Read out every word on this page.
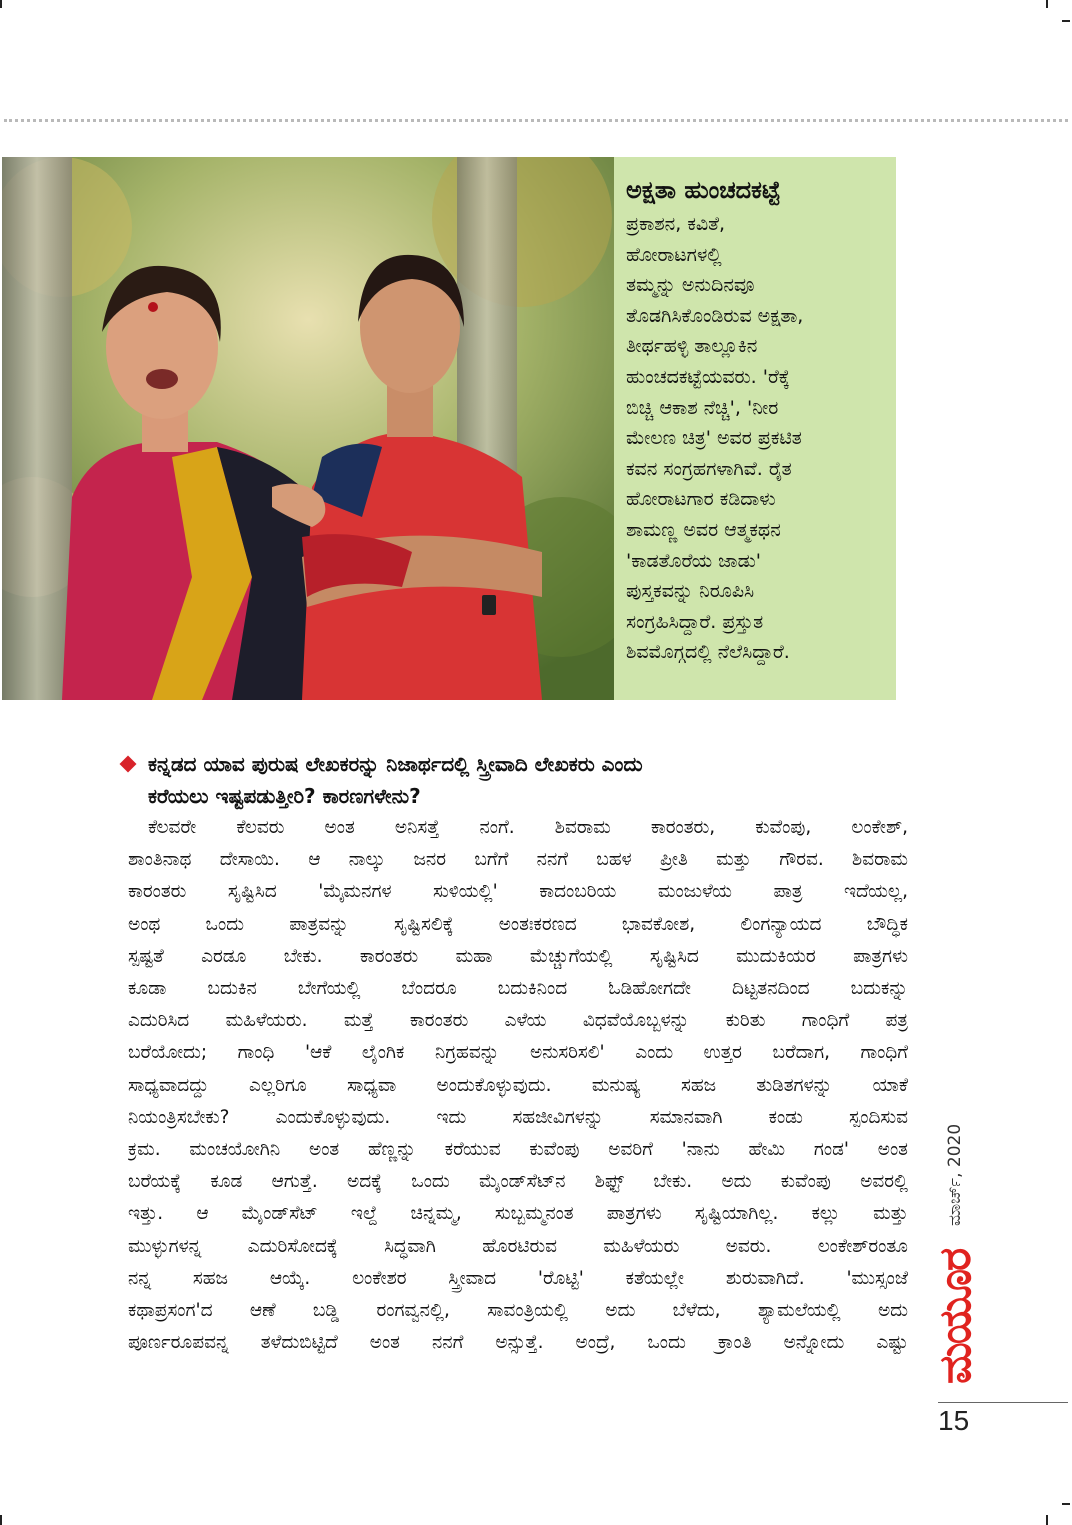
ಅಕ್ಷತಾ ಹುಂಚದಕಟ್ಟೆ
ಪ್ರಕಾಶನ, ಕವಿತೆ,
ಹೋರಾಟಗಳಲ್ಲಿ
ತಮ್ಮನ್ನು ಅನುದಿನವೂ
ತೊಡಗಿಸಿಕೊಂಡಿರುವ ಅಕ್ಷತಾ,
ತೀರ್ಥಹಳ್ಳಿ ತಾಲ್ಲೂಕಿನ
ಹುಂಚದಕಟ್ಟೆಯವರು. 'ರೆಕ್ಕೆ
ಬಿಚ್ಚಿ ಆಕಾಶ ನೆಚ್ಚಿ', 'ನೀರ
ಮೇಲಣ ಚಿತ್ರ' ಅವರ ಪ್ರಕಟಿತ
ಕವನ ಸಂಗ್ರಹಗಳಾಗಿವೆ. ರೈತ
ಹೋರಾಟಗಾರ ಕಡಿದಾಳು
ಶಾಮಣ್ಣ ಅವರ ಆತ್ಮಕಥನ
'ಕಾಡತೊರೆಯ ಜಾಡು'
ಪುಸ್ತಕವನ್ನು ನಿರೂಪಿಸಿ
ಸಂಗ್ರಹಿಸಿದ್ದಾರೆ. ಪ್ರಸ್ತುತ
ಶಿವಮೊಗ್ಗದಲ್ಲಿ ನೆಲೆಸಿದ್ದಾರೆ.
ಕನ್ನಡದ ಯಾವ ಪುರುಷ ಲೇಖಕರನ್ನು ನಿಜಾರ್ಥದಲ್ಲಿ ಸ್ತ್ರೀವಾದಿ ಲೇಖಕರು ಎಂದು
ಕರೆಯಲು ಇಷ್ಟಪಡುತ್ತೀರಿ? ಕಾರಣಗಳೇನು?
ಕೆಲವರೇ ಕೆಲವರು ಅಂತ ಅನಿಸತ್ತೆ ನಂಗೆ. ಶಿವರಾಮ ಕಾರಂತರು, ಕುವೆಂಪು, ಲಂಕೇಶ್,
ಶಾಂತಿನಾಥ ದೇಸಾಯಿ. ಆ ನಾಲ್ಕು ಜನರ ಬಗೆಗೆ ನನಗೆ ಬಹಳ ಪ್ರೀತಿ ಮತ್ತು ಗೌರವ. ಶಿವರಾಮ
ಕಾರಂತರು ಸೃಷ್ಟಿಸಿದ 'ಮೈಮನಗಳ ಸುಳಿಯಲ್ಲಿ' ಕಾದಂಬರಿಯ ಮಂಜುಳೆಯ ಪಾತ್ರ ಇದೆಯಲ್ಲ,
ಅಂಥ ಒಂದು ಪಾತ್ರವನ್ನು ಸೃಷ್ಟಿಸಲಿಕ್ಕೆ ಅಂತಃಕರಣದ ಭಾವಕೋಶ, ಲಿಂಗನ್ಯಾಯದ ಬೌದ್ಧಿಕ
ಸ್ಪಷ್ಟತೆ ಎರಡೂ ಬೇಕು. ಕಾರಂತರು ಮಹಾ ಮೆಚ್ಚುಗೆಯಲ್ಲಿ ಸೃಷ್ಟಿಸಿದ ಮುದುಕಿಯರ ಪಾತ್ರಗಳು
ಕೂಡಾ ಬದುಕಿನ ಬೇಗೆಯಲ್ಲಿ ಬೆಂದರೂ ಬದುಕಿನಿಂದ ಓಡಿಹೋಗದೇ ದಿಟ್ಟತನದಿಂದ ಬದುಕನ್ನು
ಎದುರಿಸಿದ ಮಹಿಳೆಯರು. ಮತ್ತೆ ಕಾರಂತರು ಎಳೆಯ ವಿಧವೆಯೊಬ್ಬಳನ್ನು ಕುರಿತು ಗಾಂಧಿಗೆ ಪತ್ರ
ಬರೆಯೋದು; ಗಾಂಧಿ 'ಆಕೆ ಲೈಂಗಿಕ ನಿಗ್ರಹವನ್ನು ಅನುಸರಿಸಲಿ' ಎಂದು ಉತ್ತರ ಬರೆದಾಗ, ಗಾಂಧಿಗೆ
ಸಾಧ್ಯವಾದದ್ದು ಎಲ್ಲರಿಗೂ ಸಾಧ್ಯವಾ ಅಂದುಕೊಳ್ಳುವುದು. ಮನುಷ್ಯ ಸಹಜ ತುಡಿತಗಳನ್ನು ಯಾಕೆ
ನಿಯಂತ್ರಿಸಬೇಕು? ಎಂದುಕೊಳ್ಳುವುದು. ಇದು ಸಹಜೀವಿಗಳನ್ನು ಸಮಾನವಾಗಿ ಕಂಡು ಸ್ಪಂದಿಸುವ
ಕ್ರಮ. ಮಂಚಯೋಗಿನಿ ಅಂತ ಹೆಣ್ಣನ್ನು ಕರೆಯುವ ಕುವೆಂಪು ಅವರಿಗೆ 'ನಾನು ಹೇಮಿ ಗಂಡ' ಅಂತ
ಬರೆಯಕ್ಕೆ ಕೂಡ ಆಗುತ್ತೆ. ಅದಕ್ಕೆ ಒಂದು ಮೈಂಡ್‌ಸೆಟ್‌ನ ಶಿಫ್ಟ್ ಬೇಕು. ಅದು ಕುವೆಂಪು ಅವರಲ್ಲಿ
ಇತ್ತು. ಆ ಮೈಂಡ್‌ಸೆಟ್ ಇಲ್ದೆ ಚಿನ್ನಮ್ಮ, ಸುಬ್ಬಮ್ಮನಂತ ಪಾತ್ರಗಳು ಸೃಷ್ಟಿಯಾಗಿಲ್ಲ. ಕಲ್ಲು ಮತ್ತು
ಮುಳ್ಳುಗಳನ್ನ ಎದುರಿಸೋದಕ್ಕೆ ಸಿದ್ಧವಾಗಿ ಹೊರಟಿರುವ ಮಹಿಳೆಯರು ಅವರು. ಲಂಕೇಶ್‌ರಂತೂ
ನನ್ನ ಸಹಜ ಆಯ್ಕೆ. ಲಂಕೇಶರ ಸ್ತ್ರೀವಾದ 'ರೊಟ್ಟಿ' ಕತೆಯಲ್ಲೇ ಶುರುವಾಗಿದೆ. 'ಮುಸ್ಸಂಜೆ
ಕಥಾಪ್ರಸಂಗ'ದ ಆಣೆ ಬಡ್ಡಿ ರಂಗವ್ವನಲ್ಲಿ, ಸಾವಂತ್ರಿಯಲ್ಲಿ ಅದು ಬೆಳೆದು, ಶ್ಯಾಮಲೆಯಲ್ಲಿ ಅದು
ಪೂರ್ಣರೂಪವನ್ನ ತಳೆದುಬಿಟ್ಟಿದೆ ಅಂತ ನನಗೆ ಅನ್ಸುತ್ತೆ. ಅಂದ್ರೆ, ಒಂದು ಕ್ರಾಂತಿ ಅನ್ನೋದು ಎಷ್ಟು
ಮಾರ್ಚ್, 2020
ಮಯೂರ
15
